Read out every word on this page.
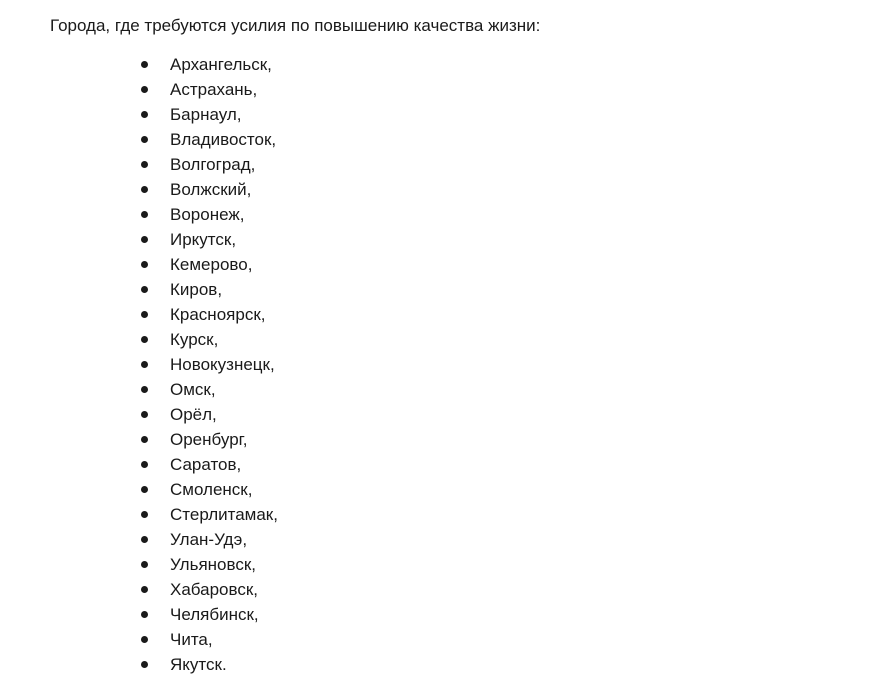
Города, где требуются усилия по повышению качества жизни:

Архангельск,
Астрахань,
Барнаул,
Владивосток,
Волгоград,
Волжский,
Воронеж,
Иркутск,
Кемерово,
Киров,
Красноярск,
Курск,
Новокузнецк,
Омск,
Орёл,
Оренбург,
Саратов,
Смоленск,
Стерлитамак,
Улан-Удэ,
Ульяновск,
Хабаровск,
Челябинск,
Чита,
Якутск.
